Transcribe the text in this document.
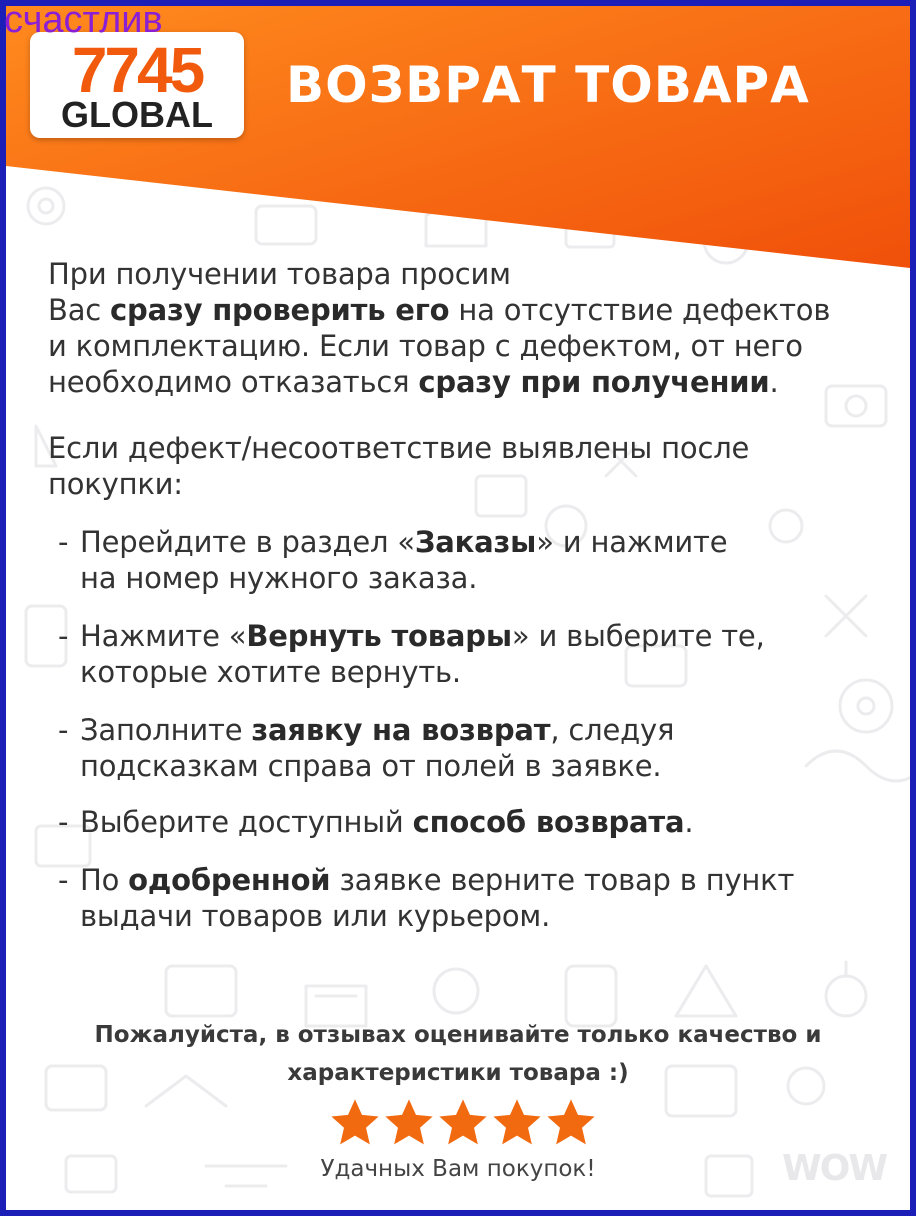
7745
GLOBAL
ВОЗВРАТ ТОВАРА
При получении товара просим
Вас сразу проверить его на отсутствие дефектов
и комплектацию. Если товар с дефектом, от него
необходимо отказаться сразу при получении.
Если дефект/несоответствие выявлены после
покупки:
- Перейдите в раздел «Заказы» и нажмите
на номер нужного заказа.
- Нажмите «Вернуть товары» и выберите те,
которые хотите вернуть.
- Заполните заявку на возврат, следуя
подсказкам справа от полей в заявке.
- Выберите доступный способ возврата.
- По одобренной заявке верните товар в пункт
выдачи товаров или курьером.
Пожалуйста, в отзывах оценивайте только качество и
характеристики товара :)
Удачных Вам покупок!	WOW
счастлив
